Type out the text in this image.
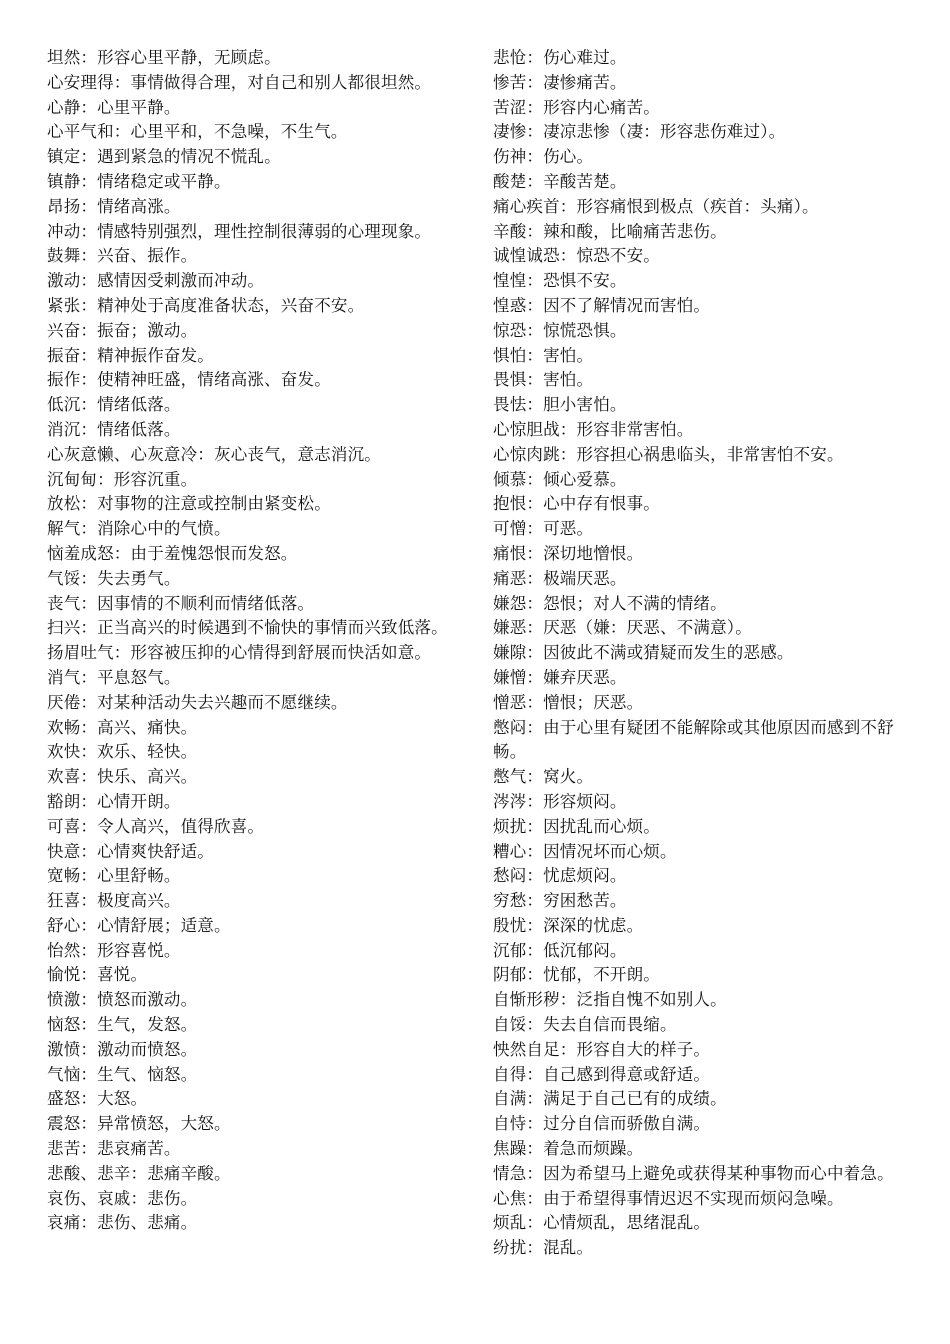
坦然：形容心里平静，无顾虑。
心安理得：事情做得合理，对自己和别人都很坦然。
心静：心里平静。
心平气和：心里平和，不急噪，不生气。
镇定：遇到紧急的情况不慌乱。
镇静：情绪稳定或平静。
昂扬：情绪高涨。
冲动：情感特别强烈，理性控制很薄弱的心理现象。
鼓舞：兴奋、振作。
激动：感情因受刺激而冲动。
紧张：精神处于高度准备状态，兴奋不安。
兴奋：振奋；激动。
振奋：精神振作奋发。
振作：使精神旺盛，情绪高涨、奋发。
低沉：情绪低落。
消沉：情绪低落。
心灰意懒、心灰意冷：灰心丧气，意志消沉。
沉甸甸：形容沉重。
放松：对事物的注意或控制由紧变松。
解气：消除心中的气愤。
恼羞成怒：由于羞愧怨恨而发怒。
气馁：失去勇气。
丧气：因事情的不顺利而情绪低落。
扫兴：正当高兴的时候遇到不愉快的事情而兴致低落。
扬眉吐气：形容被压抑的心情得到舒展而快活如意。
消气：平息怒气。
厌倦：对某种活动失去兴趣而不愿继续。
欢畅：高兴、痛快。
欢快：欢乐、轻快。
欢喜：快乐、高兴。
豁朗：心情开朗。
可喜：令人高兴，值得欣喜。
快意：心情爽快舒适。
宽畅：心里舒畅。
狂喜：极度高兴。
舒心：心情舒展；适意。
怡然：形容喜悦。
愉悦：喜悦。
愤激：愤怒而激动。
恼怒：生气，发怒。
激愤：激动而愤怒。
气恼：生气、恼怒。
盛怒：大怒。
震怒：异常愤怒，大怒。
悲苦：悲哀痛苦。
悲酸、悲辛：悲痛辛酸。
哀伤、哀戚：悲伤。
哀痛：悲伤、悲痛。
悲怆：伤心难过。
惨苦：凄惨痛苦。
苦涩：形容内心痛苦。
凄惨：凄凉悲惨（凄：形容悲伤难过）。
伤神：伤心。
酸楚：辛酸苦楚。
痛心疾首：形容痛恨到极点（疾首：头痛）。
辛酸：辣和酸，比喻痛苦悲伤。
诚惶诚恐：惊恐不安。
惶惶：恐惧不安。
惶惑：因不了解情况而害怕。
惊恐：惊慌恐惧。
惧怕：害怕。
畏惧：害怕。
畏怯：胆小害怕。
心惊胆战：形容非常害怕。
心惊肉跳：形容担心祸患临头，非常害怕不安。
倾慕：倾心爱慕。
抱恨：心中存有恨事。
可憎：可恶。
痛恨：深切地憎恨。
痛恶：极端厌恶。
嫌怨：怨恨；对人不满的情绪。
嫌恶：厌恶（嫌：厌恶、不满意）。
嫌隙：因彼此不满或猜疑而发生的恶感。
嫌憎：嫌弃厌恶。
憎恶：憎恨；厌恶。
憋闷：由于心里有疑团不能解除或其他原因而感到不舒畅。
憋气：窝火。
涔涔：形容烦闷。
烦扰：因扰乱而心烦。
糟心：因情况坏而心烦。
愁闷：忧虑烦闷。
穷愁：穷困愁苦。
殷忧：深深的忧虑。
沉郁：低沉郁闷。
阴郁：忧郁，不开朗。
自惭形秽：泛指自愧不如别人。
自馁：失去自信而畏缩。
怏然自足：形容自大的样子。
自得：自己感到得意或舒适。
自满：满足于自己已有的成绩。
自恃：过分自信而骄傲自满。
焦躁：着急而烦躁。
情急：因为希望马上避免或获得某种事物而心中着急。
心焦：由于希望得事情迟迟不实现而烦闷急噪。
烦乱：心情烦乱，思绪混乱。
纷扰：混乱。
